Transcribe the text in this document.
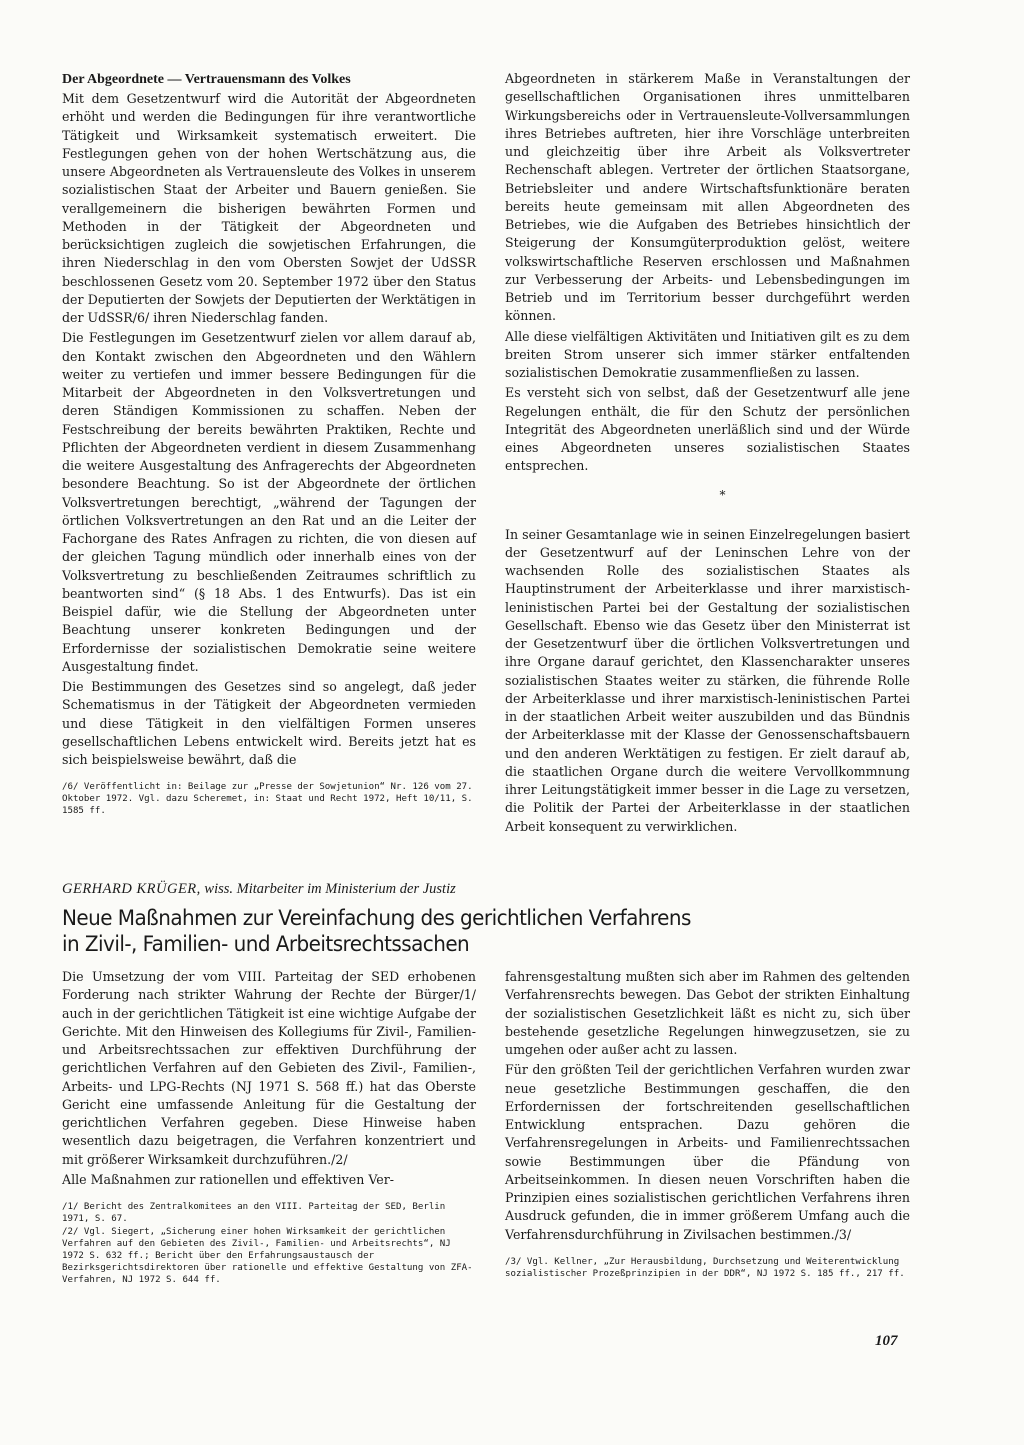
Der Abgeordnete — Vertrauensmann des Volkes

Mit dem Gesetzentwurf wird die Autorität der Abgeordneten erhöht und werden die Bedingungen für ihre verantwortliche Tätigkeit und Wirksamkeit systematisch erweitert. Die Festlegungen gehen von der hohen Wertschätzung aus, die unsere Abgeordneten als Vertrauensleute des Volkes in unserem sozialistischen Staat der Arbeiter und Bauern genießen. Sie verallgemeinern die bisherigen bewährten Formen und Methoden in der Tätigkeit der Abgeordneten und berücksichtigen zugleich die sowjetischen Erfahrungen, die ihren Niederschlag in den vom Obersten Sowjet der UdSSR beschlossenen Gesetz vom 20. September 1972 über den Status der Deputierten der Sowjets der Deputierten der Werktätigen in der UdSSR/6/ ihren Niederschlag fanden.

Die Festlegungen im Gesetzentwurf zielen vor allem darauf ab, den Kontakt zwischen den Abgeordneten und den Wählern weiter zu vertiefen und immer bessere Bedingungen für die Mitarbeit der Abgeordneten in den Volksvertretungen und deren Ständigen Kommissionen zu schaffen. Neben der Festschreibung der bereits bewährten Praktiken, Rechte und Pflichten der Abgeordneten verdient in diesem Zusammenhang die weitere Ausgestaltung des Anfragerechts der Abgeordneten besondere Beachtung. So ist der Abgeordnete der örtlichen Volksvertretungen berechtigt, „während der Tagungen der örtlichen Volksvertretungen an den Rat und an die Leiter der Fachorgane des Rates Anfragen zu richten, die von diesen auf der gleichen Tagung mündlich oder innerhalb eines von der Volksvertretung zu beschließenden Zeitraumes schriftlich zu beantworten sind“ (§ 18 Abs. 1 des Entwurfs). Das ist ein Beispiel dafür, wie die Stellung der Abgeordneten unter Beachtung unserer konkreten Bedingungen und der Erfordernisse der sozialistischen Demokratie seine weitere Ausgestaltung findet.

Die Bestimmungen des Gesetzes sind so angelegt, daß jeder Schematismus in der Tätigkeit der Abgeordneten vermieden und diese Tätigkeit in den vielfältigen Formen unseres gesellschaftlichen Lebens entwickelt wird. Bereits jetzt hat es sich beispielsweise bewährt, daß die

/6/ Veröffentlicht in: Beilage zur „Presse der Sowjetunion“ Nr. 126 vom 27. Oktober 1972. Vgl. dazu Scheremet, in: Staat und Recht 1972, Heft 10/11, S. 1585 ff.

Abgeordneten in stärkerem Maße in Veranstaltungen der gesellschaftlichen Organisationen ihres unmittelbaren Wirkungsbereichs oder in Vertrauensleute-Vollversammlungen ihres Betriebes auftreten, hier ihre Vorschläge unterbreiten und gleichzeitig über ihre Arbeit als Volksvertreter Rechenschaft ablegen. Vertreter der örtlichen Staatsorgane, Betriebsleiter und andere Wirtschaftsfunktionäre beraten bereits heute gemeinsam mit allen Abgeordneten des Betriebes, wie die Aufgaben des Betriebes hinsichtlich der Steigerung der Konsumgüterproduktion gelöst, weitere volkswirtschaftliche Reserven erschlossen und Maßnahmen zur Verbesserung der Arbeits- und Lebensbedingungen im Betrieb und im Territorium besser durchgeführt werden können.

Alle diese vielfältigen Aktivitäten und Initiativen gilt es zu dem breiten Strom unserer sich immer stärker entfaltenden sozialistischen Demokratie zusammenfließen zu lassen.

Es versteht sich von selbst, daß der Gesetzentwurf alle jene Regelungen enthält, die für den Schutz der persönlichen Integrität des Abgeordneten unerläßlich sind und der Würde eines Abgeordneten unseres sozialistischen Staates entsprechen.

*

In seiner Gesamtanlage wie in seinen Einzelregelungen basiert der Gesetzentwurf auf der Leninschen Lehre von der wachsenden Rolle des sozialistischen Staates als Hauptinstrument der Arbeiterklasse und ihrer marxistisch-leninistischen Partei bei der Gestaltung der sozialistischen Gesellschaft. Ebenso wie das Gesetz über den Ministerrat ist der Gesetzentwurf über die örtlichen Volksvertretungen und ihre Organe darauf gerichtet, den Klassencharakter unseres sozialistischen Staates weiter zu stärken, die führende Rolle der Arbeiterklasse und ihrer marxistisch-leninistischen Partei in der staatlichen Arbeit weiter auszubilden und das Bündnis der Arbeiterklasse mit der Klasse der Genossenschaftsbauern und den anderen Werktätigen zu festigen. Er zielt darauf ab, die staatlichen Organe durch die weitere Vervollkommnung ihrer Leitungstätigkeit immer besser in die Lage zu versetzen, die Politik der Partei der Arbeiterklasse in der staatlichen Arbeit konsequent zu verwirklichen.

GERHARD KRÜGER, wiss. Mitarbeiter im Ministerium der Justiz
Neue Maßnahmen zur Vereinfachung des gerichtlichen Verfahrens
in Zivil-, Familien- und Arbeitsrechtssachen

Die Umsetzung der vom VIII. Parteitag der SED erhobenen Forderung nach strikter Wahrung der Rechte der Bürger/1/ auch in der gerichtlichen Tätigkeit ist eine wichtige Aufgabe der Gerichte. Mit den Hinweisen des Kollegiums für Zivil-, Familien- und Arbeitsrechtssachen zur effektiven Durchführung der gerichtlichen Verfahren auf den Gebieten des Zivil-, Familien-, Arbeits- und LPG-Rechts (NJ 1971 S. 568 ff.) hat das Oberste Gericht eine umfassende Anleitung für die Gestaltung der gerichtlichen Verfahren gegeben. Diese Hinweise haben wesentlich dazu beigetragen, die Verfahren konzentriert und mit größerer Wirksamkeit durchzuführen./2/

Alle Maßnahmen zur rationellen und effektiven Ver-

/1/ Bericht des Zentralkomitees an den VIII. Parteitag der SED, Berlin 1971, S. 67.

/2/ Vgl. Siegert, „Sicherung einer hohen Wirksamkeit der gerichtlichen Verfahren auf den Gebieten des Zivil-, Familien- und Arbeitsrechts“, NJ 1972 S. 632 ff.; Bericht über den Erfahrungsaustausch der Bezirksgerichtsdirektoren über rationelle und effektive Gestaltung von ZFA-Verfahren, NJ 1972 S. 644 ff.

fahrensgestaltung mußten sich aber im Rahmen des geltenden Verfahrensrechts bewegen. Das Gebot der strikten Einhaltung der sozialistischen Gesetzlichkeit läßt es nicht zu, sich über bestehende gesetzliche Regelungen hinwegzusetzen, sie zu umgehen oder außer acht zu lassen.

Für den größten Teil der gerichtlichen Verfahren wurden zwar neue gesetzliche Bestimmungen geschaffen, die den Erfordernissen der fortschreitenden gesellschaftlichen Entwicklung entsprachen. Dazu gehören die Verfahrensregelungen in Arbeits- und Familienrechtssachen sowie Bestimmungen über die Pfändung von Arbeitseinkommen. In diesen neuen Vorschriften haben die Prinzipien eines sozialistischen gerichtlichen Verfahrens ihren Ausdruck gefunden, die in immer größerem Umfang auch die Verfahrensdurchführung in Zivilsachen bestimmen./3/

/3/ Vgl. Kellner, „Zur Herausbildung, Durchsetzung und Weiterentwicklung sozialistischer Prozeßprinzipien in der DDR“, NJ 1972 S. 185 ff., 217 ff.

107
